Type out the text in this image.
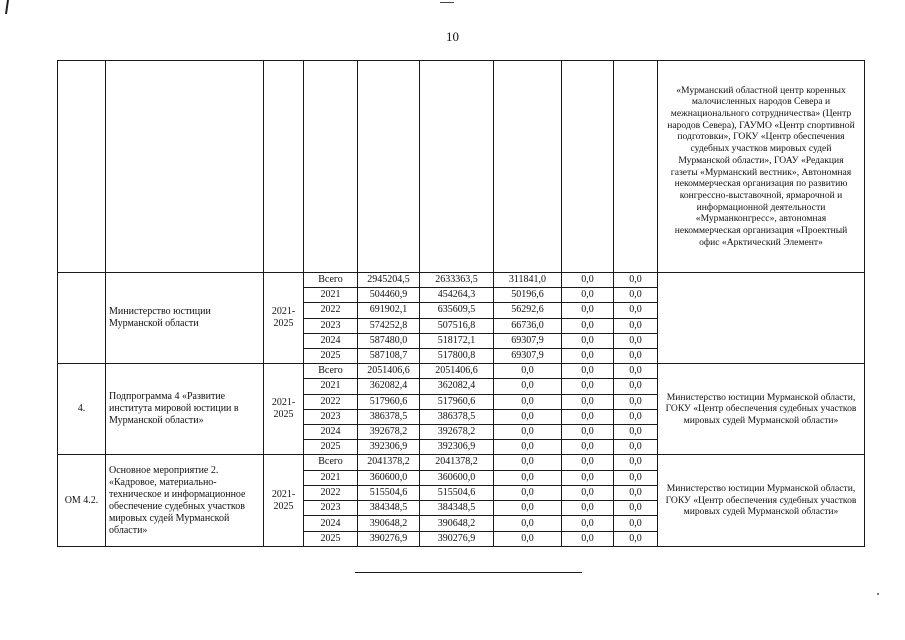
10
									«Мурманский областной центр коренных малочисленных народов Севера и межнационального сотрудничества» (Центр народов Севера), ГАУМО «Центр спортивной подготовки», ГОКУ «Центр обеспечения судебных участков мировых судей Мурманской области», ГОАУ «Редакция газеты «Мурманский вестник», Автономная некоммерческая организация по развитию конгрессно-выставочной, ярмарочной и информационной деятельности «Мурманконгресс», автономная некоммерческая организация «Проектный офис «Арктический Элемент»
	Министерство юстиции Мурманской области	2021-2025	Всего	2945204,5	2633363,5	311841,0	0,0	0,0	
			2021	504460,9	454264,3	50196,6	0,0	0,0	
			2022	691902,1	635609,5	56292,6	0,0	0,0	
			2023	574252,8	507516,8	66736,0	0,0	0,0	
			2024	587480,0	518172,1	69307,9	0,0	0,0	
			2025	587108,7	517800,8	69307,9	0,0	0,0	
4.	Подпрограмма 4 «Развитие института мировой юстиции в Мурманской области»	2021-2025	Всего	2051406,6	2051406,6	0,0	0,0	0,0	Министерство юстиции Мурманской области, ГОКУ «Центр обеспечения судебных участков мировых судей Мурманской области»
			2021	362082,4	362082,4	0,0	0,0	0,0	
			2022	517960,6	517960,6	0,0	0,0	0,0	
			2023	386378,5	386378,5	0,0	0,0	0,0	
			2024	392678,2	392678,2	0,0	0,0	0,0	
			2025	392306,9	392306,9	0,0	0,0	0,0	
ОМ 4.2.	Основное мероприятие 2. «Кадровое, материально-техническое и информационное обеспечение судебных участков мировых судей Мурманской области»	2021-2025	Всего	2041378,2	2041378,2	0,0	0,0	0,0	Министерство юстиции Мурманской области, ГОКУ «Центр обеспечения судебных участков мировых судей Мурманской области»
			2021	360600,0	360600,0	0,0	0,0	0,0	
			2022	515504,6	515504,6	0,0	0,0	0,0	
			2023	384348,5	384348,5	0,0	0,0	0,0	
			2024	390648,2	390648,2	0,0	0,0	0,0	
			2025	390276,9	390276,9	0,0	0,0	0,0	
